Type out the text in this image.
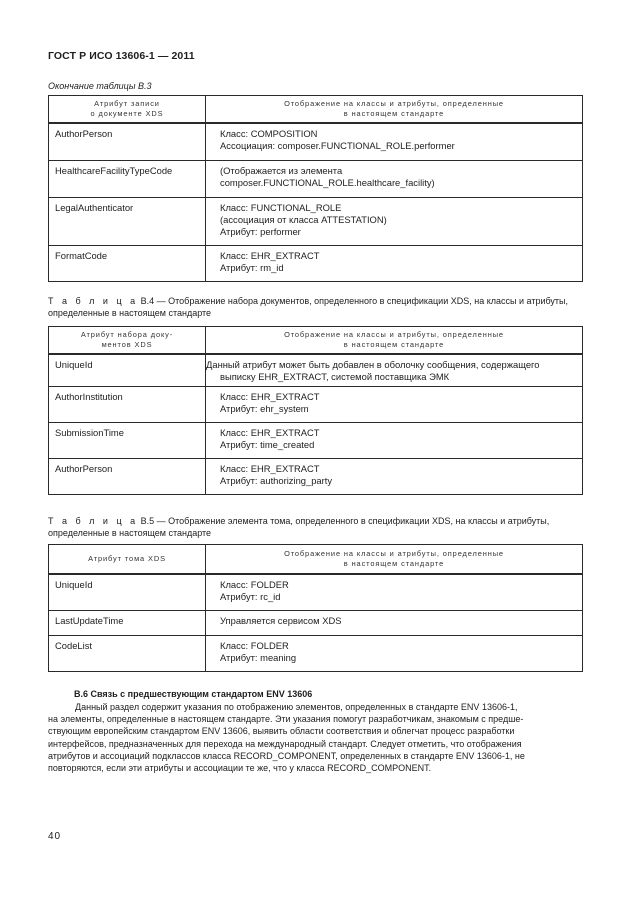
ГОСТ Р ИСО 13606-1 — 2011
Окончание таблицы В.3
Атрибут записи
о документе XDS	Отображение на классы и атрибуты, определенные
в настоящем стандарте

AuthorPerson	Класс: COMPOSITION
Ассоциация: composer.FUNCTIONAL_ROLE.performer

HealthcareFacilityTypeCode	(Отображается из элемента
composer.FUNCTIONAL_ROLE.healthcare_facility)

LegalAuthenticator	Класс: FUNCTIONAL_ROLE
(ассоциация от класса ATTESTATION)
Атрибут: performer

FormatCode	Класс: EHR_EXTRACT
Атрибут: rm_id
Т а б л и ц а В.4 — Отображение набора документов, определенного в спецификации XDS, на классы и атрибуты, определенные в настоящем стандарте
Атрибут набора доку-
ментов XDS	Отображение на классы и атрибуты, определенные
в настоящем стандарте

UniqueId	Данный атрибут может быть добавлен в оболочку сообщения, содержащего выписку EHR_EXTRACT, системой поставщика ЭМК
AuthorInstitution	Класс: EHR_EXTRACT
Атрибут: ehr_system

SubmissionTime	Класс: EHR_EXTRACT
Атрибут: time_created

AuthorPerson	Класс: EHR_EXTRACT
Атрибут: authorizing_party
Т а б л и ц а В.5 — Отображение элемента тома, определенного в спецификации XDS, на классы и атрибуты, определенные в настоящем стандарте
Атрибут тома XDS	Отображение на классы и атрибуты, определенные
в настоящем стандарте

UniqueId	Класс: FOLDER
Атрибут: rc_id

LastUpdateTime	Управляется сервисом XDS

CodeList	Класс: FOLDER
Атрибут: meaning
В.6 Связь с предшествующим стандартом ENV 13606
Данный раздел содержит указания по отображению элементов, определенных в стандарте ENV 13606-1,
на элементы, определенные в настоящем стандарте. Эти указания помогут разработчикам, знакомым с предше-
ствующим европейским стандартом ENV 13606, выявить области соответствия и облегчат процесс разработки
интерфейсов, предназначенных для перехода на международный стандарт. Следует отметить, что отображения
атрибутов и ассоциаций подклассов класса RECORD_COMPONENT, определенных в стандарте ENV 13606-1, не
повторяются, если эти атрибуты и ассоциации те же, что у класса RECORD_COMPONENT.
40
